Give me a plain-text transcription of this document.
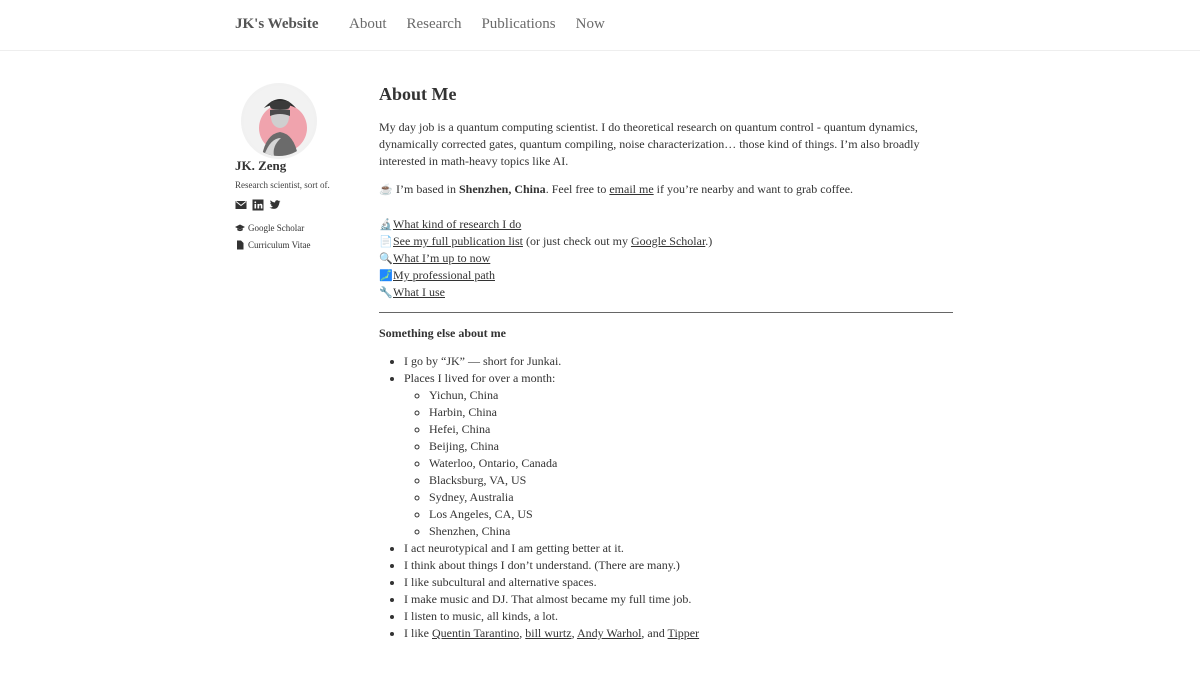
JK's Website About Research Publications Now
JK. Zeng
Research scientist, sort of.
Google Scholar
Curriculum Vitae
About Me

My day job is a quantum computing scientist. I do theoretical research on quantum control - quantum dynamics, dynamically corrected gates, quantum compiling, noise characterization… those kind of things. I’m also broadly interested in math-heavy topics like AI.

☕ I’m based in Shenzhen, China. Feel free to email me if you’re nearby and want to grab coffee.

🔬What kind of research I do
📄See my full publication list (or just check out my Google Scholar.)
🔍What I’m up to now
🗾My professional path
🔧What I use
Something else about me
• I go by “JK” — short for Junkai.
• Places I lived for over a month:
◦ Yichun, China
◦ Harbin, China
◦ Hefei, China
◦ Beijing, China
◦ Waterloo, Ontario, Canada
◦ Blacksburg, VA, US
◦ Sydney, Australia
◦ Los Angeles, CA, US
◦ Shenzhen, China
• I act neurotypical and I am getting better at it.
• I think about things I don’t understand. (There are many.)
• I like subcultural and alternative spaces.
• I make music and DJ. That almost became my full time job.
• I listen to music, all kinds, a lot.
• I like Quentin Tarantino, bill wurtz, Andy Warhol, and Tipper
